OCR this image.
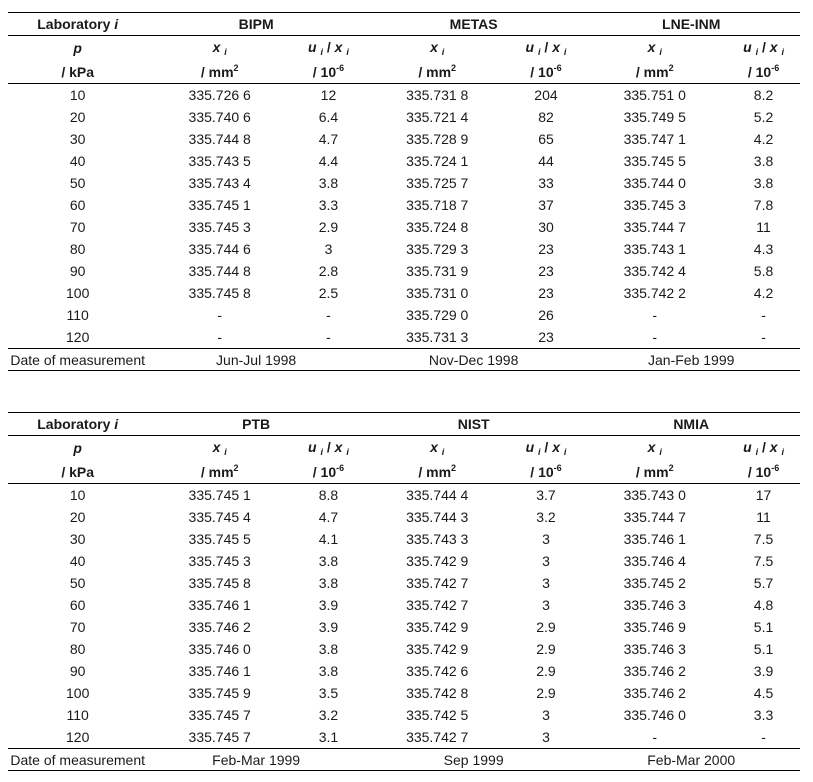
Laboratory i	BIPM		METAS		LNE-INM	
p	x $_i$	u $_i$ / x $_i$	x $_i$	u $_i$ / x $_i$	x $_i$	u $_i$ / x $_i$
/ kPa	/ $mm^2$	/ $10^{-6}$	/ $mm^2$	/ $10^{-6}$	/ $mm^2$	/ $10^{-6}$
10	335.726 6	12	335.731 8	204	335.751 0	8.2
20	335.740 6	6.4	335.721 4	82	335.749 5	5.2
30	335.744 8	4.7	335.728 9	65	335.747 1	4.2
40	335.743 5	4.4	335.724 1	44	335.745 5	3.8
50	335.743 4	3.8	335.725 7	33	335.744 0	3.8
60	335.745 1	3.3	335.718 7	37	335.745 3	7.8
70	335.745 3	2.9	335.724 8	30	335.744 7	11
80	335.744 6	3	335.729 3	23	335.743 1	4.3
90	335.744 8	2.8	335.731 9	23	335.742 4	5.8
100	335.745 8	2.5	335.731 0	23	335.742 2	4.2
110	-	-	335.729 0	26	-	-
120	-	-	335.731 3	23	-	-
Date of measurement	Jun-Jul 1998		Nov-Dec 1998		Jan-Feb 1999	
Laboratory i	PTB		NIST		NMIA	
p	x $_i$	u $_i$ / x $_i$	x $_i$	u $_i$ / x $_i$	x $_i$	u $_i$ / x $_i$
/ kPa	/ $mm^2$	/ $10^{-6}$	/ $mm^2$	/ $10^{-6}$	/ $mm^2$	/ $10^{-6}$
10	335.745 1	8.8	335.744 4	3.7	335.743 0	17
20	335.745 4	4.7	335.744 3	3.2	335.744 7	11
30	335.745 5	4.1	335.743 3	3	335.746 1	7.5
40	335.745 3	3.8	335.742 9	3	335.746 4	7.5
50	335.745 8	3.8	335.742 7	3	335.745 2	5.7
60	335.746 1	3.9	335.742 7	3	335.746 3	4.8
70	335.746 2	3.9	335.742 9	2.9	335.746 9	5.1
80	335.746 0	3.8	335.742 9	2.9	335.746 3	5.1
90	335.746 1	3.8	335.742 6	2.9	335.746 2	3.9
100	335.745 9	3.5	335.742 8	2.9	335.746 2	4.5
110	335.745 7	3.2	335.742 5	3	335.746 0	3.3
120	335.745 7	3.1	335.742 7	3	-	-
Date of measurement	Feb-Mar 1999		Sep 1999		Feb-Mar 2000	
